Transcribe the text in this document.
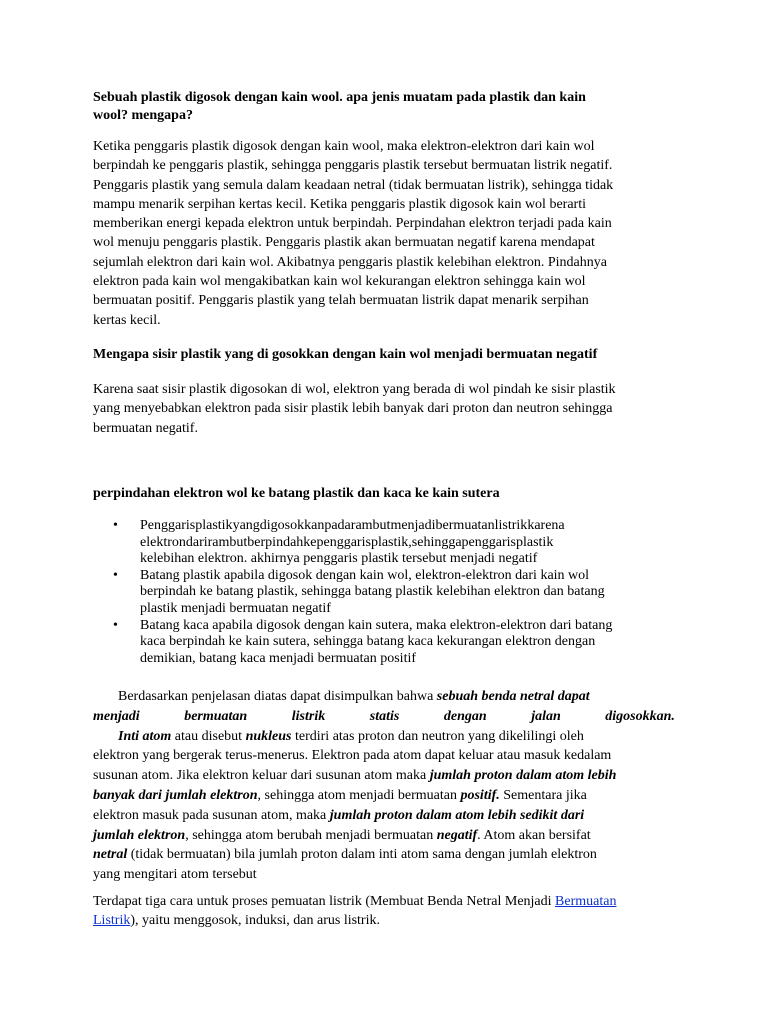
Sebuah plastik digosok dengan kain wool. apa jenis muatam pada plastik dan kain
wool? mengapa?
Ketika penggaris plastik digosok dengan kain wool, maka elektron-elektron dari kain wol
berpindah ke penggaris plastik, sehingga penggaris plastik tersebut bermuatan listrik negatif.
Penggaris plastik yang semula dalam keadaan netral (tidak bermuatan listrik), sehingga tidak
mampu menarik serpihan kertas kecil. Ketika penggaris plastik digosok kain wol berarti
memberikan energi kepada elektron untuk berpindah. Perpindahan elektron terjadi pada kain
wol menuju penggaris plastik. Penggaris plastik akan bermuatan negatif karena mendapat
sejumlah elektron dari kain wol. Akibatnya penggaris plastik kelebihan elektron. Pindahnya
elektron pada kain wol mengakibatkan kain wol kekurangan elektron sehingga kain wol
bermuatan positif. Penggaris plastik yang telah bermuatan listrik dapat menarik serpihan
kertas kecil.
Mengapa sisir plastik yang di gosokkan dengan kain wol menjadi bermuatan negatif
Karena saat sisir plastik digosokan di wol, elektron yang berada di wol pindah ke sisir plastik
yang menyebabkan elektron pada sisir plastik lebih banyak dari proton dan neutron sehingga
bermuatan negatif.
perpindahan elektron wol ke batang plastik dan kaca ke kain sutera
• Penggarisplastikyangdigosokkanpadarambutmenjadibermuatanlistrikkarena
elektrondarirambutberpindahkepenggarisplastik,sehinggapenggarisplastik
kelebihan elektron. akhirnya penggaris plastik tersebut menjadi negatif
• Batang plastik apabila digosok dengan kain wol, elektron-elektron dari kain wol
berpindah ke batang plastik, sehingga batang plastik kelebihan elektron dan batang
plastik menjadi bermuatan negatif
• Batang kaca apabila digosok dengan kain sutera, maka elektron-elektron dari batang
kaca berpindah ke kain sutera, sehingga batang kaca kekurangan elektron dengan
demikian, batang kaca menjadi bermuatan positif
Berdasarkan penjelasan diatas dapat disimpulkan bahwa sebuah benda netral dapat
menjadi	bermuatan	listrik	statis	dengan	jalan	digosokkan.
Inti atom atau disebut nukleus terdiri atas proton dan neutron yang dikelilingi oleh
elektron yang bergerak terus-menerus. Elektron pada atom dapat keluar atau masuk kedalam
susunan atom. Jika elektron keluar dari susunan atom maka jumlah proton dalam atom lebih
banyak dari jumlah elektron, sehingga atom menjadi bermuatan positif. Sementara jika
elektron masuk pada susunan atom, maka jumlah proton dalam atom lebih sedikit dari
jumlah elektron, sehingga atom berubah menjadi bermuatan negatif. Atom akan bersifat
netral (tidak bermuatan) bila jumlah proton dalam inti atom sama dengan jumlah elektron
yang mengitari atom tersebut
Terdapat tiga cara untuk proses pemuatan listrik (Membuat Benda Netral Menjadi Bermuatan
Listrik), yaitu menggosok, induksi, dan arus listrik.
